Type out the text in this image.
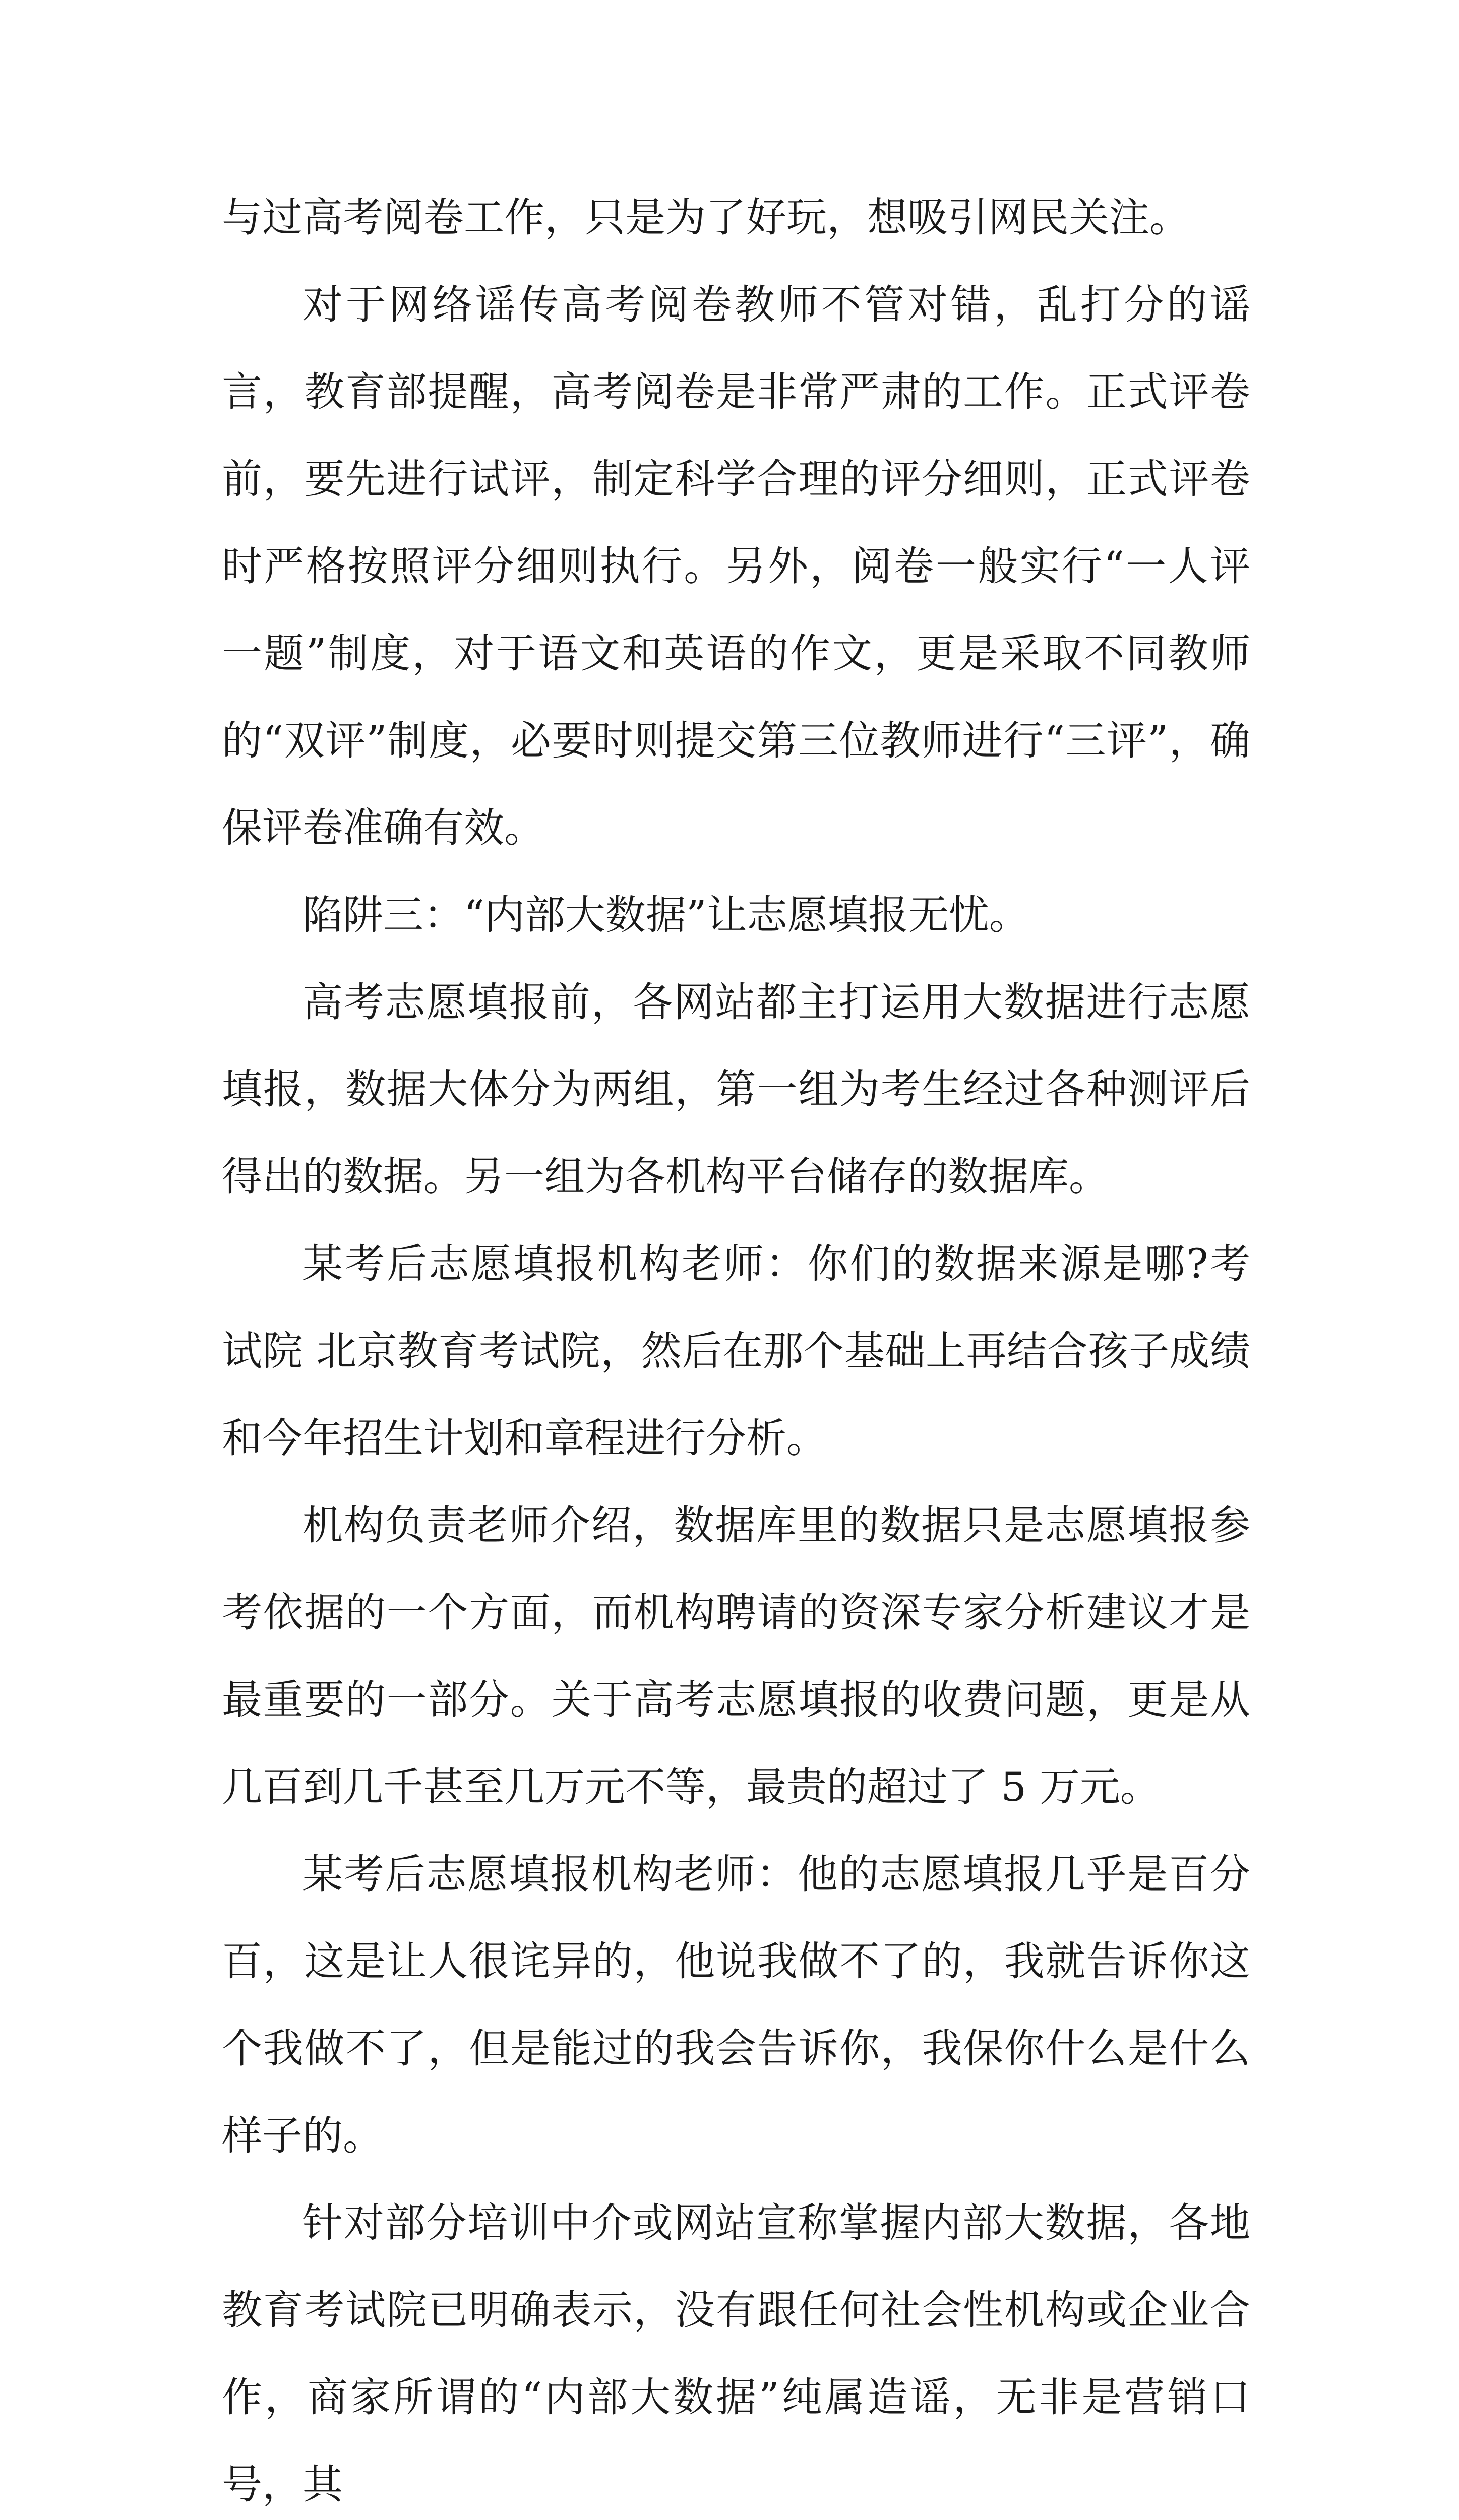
与过高考阅卷工作，只是为了好玩，想吸引网民关注。

对于网络谣传高考阅卷教师不管对错，乱打分的谣言，教育部提醒，高考阅卷是非常严肃的工作。正式评卷前，要先进行试评，制定科学合理的评分细则，正式评卷时严格按照评分细则执行。另外，阅卷一般实行“一人评一题”制度，对于语文和英语的作文，更是采取不同教师的“双评”制度，必要时则提交第三位教师进行“三评”，确保评卷准确有效。

陷阱三：“内部大数据”让志愿填报无忧。

高考志愿填报前，各网站都主打运用大数据进行志愿填报，数据大体分为两组，第一组为考生经过各种测评后得出的数据。另一组为各机构平台储存的数据库。

某考后志愿填报机构老师：你们的数据来源是哪?考试院 北京教育考试院，然后在那个基础上再结合孩子成绩和今年招生计划和章程进行分析。

机构负责老师介绍，数据库里的数据只是志愿填报参考依据的一个方面，而机构聘请的资深专家分析建议才是最重要的一部分。关于高考志愿填报的收费问题，更是从几百到几千甚至几万元不等，最贵的超过了 5 万元。

某考后志愿填报机构老师：他的志愿填报几乎是百分百，这是让人很诧异的，他说我做不了的，我就告诉你这个我做不了，但是能过的我会告诉你，我保你什么是什么样子的。

针对部分培训中介或网站宣称掌握内部大数据，各地教育考试院已明确表示，没有跟任何社会性机构或企业合作，商家所谓的“内部大数据”纯属造谣，无非是营销口号，其
